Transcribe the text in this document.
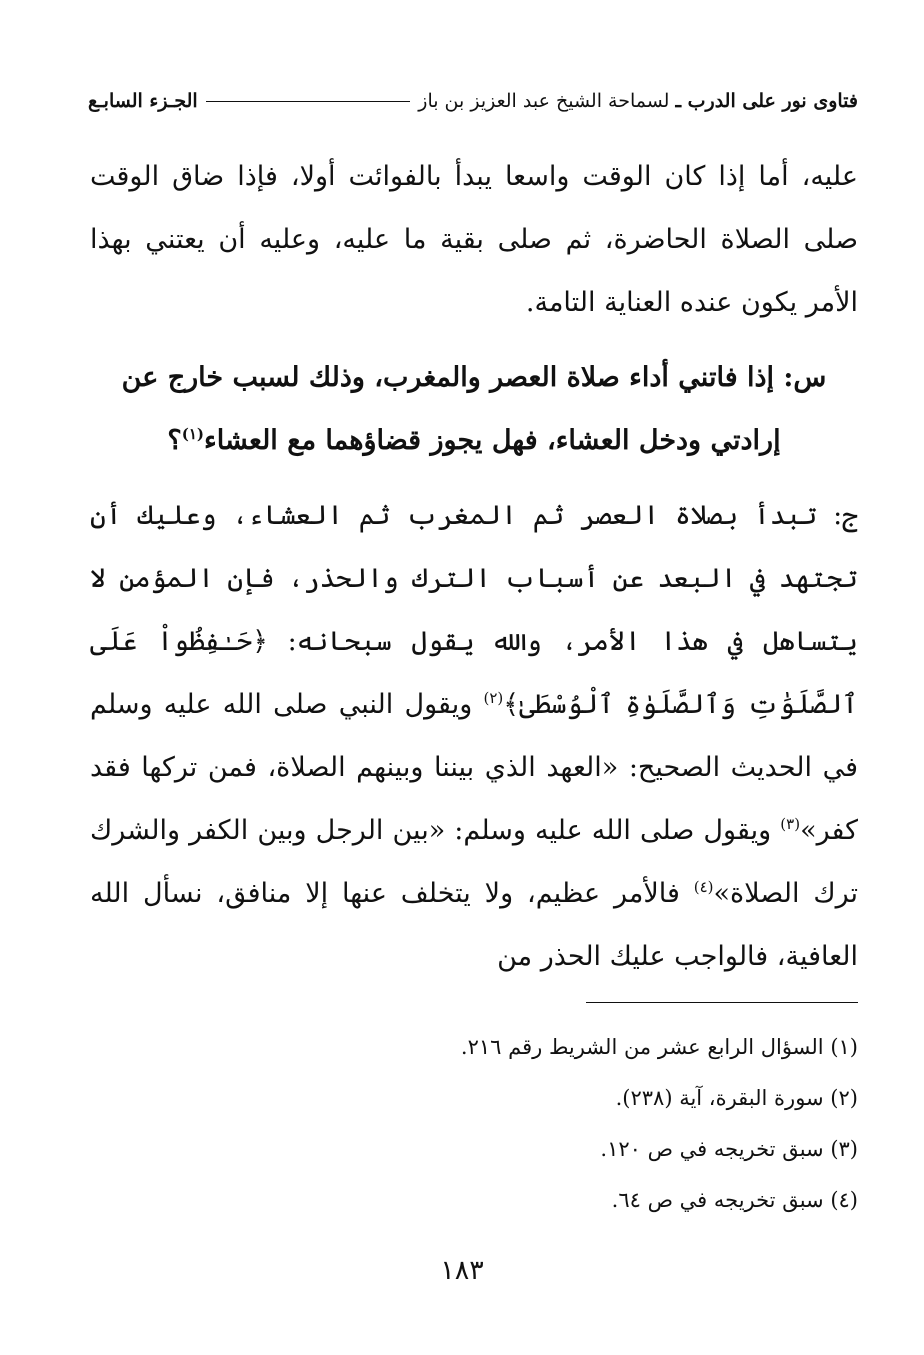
فتاوى نور على الدرب ـ
لسماحة الشيخ عبد العزيز بن باز
الجـزء السابـع

عليه، أما إذا كان الوقت واسعا يبدأ بالفوائت أولا، فإذا ضاق الوقت صلى الصلاة الحاضرة، ثم صلى بقية ما عليه، وعليه أن يعتني بهذا الأمر يكون عنده العناية التامة.

س: إذا فاتني أداء صلاة العصر والمغرب، وذلك لسبب خارج عن إرادتي ودخل العشاء، فهل يجوز قضاؤهما مع العشاء$^{(١)}$؟

ج: تبدأ بصلاة العصر ثم المغرب ثم العشاء، وعليك أن تجتهد في البعد عن أسباب الترك والحذر، فإن المؤمن لا يتساهل في هذا الأمر، والله يقول سبحانه: ﴿حَـٰفِظُواْ عَلَى ٱلصَّلَوَٰتِ وَٱلصَّلَوٰةِ ٱلْوُسْطَىٰ﴾$^{(٢)}$ ويقول النبي صلى الله عليه وسلم في الحديث الصحيح: «العهد الذي بيننا وبينهم الصلاة، فمن تركها فقد كفر»$^{(٣)}$ ويقول صلى الله عليه وسلم: «بين الرجل وبين الكفر والشرك ترك الصلاة»$^{(٤)}$ فالأمر عظيم، ولا يتخلف عنها إلا منافق، نسأل الله العافية، فالواجب عليك الحذر من

(١) السؤال الرابع عشر من الشريط رقم ٢١٦.
(٢) سورة البقرة، آية (٢٣٨).
(٣) سبق تخريجه في ص ١٢٠.
(٤) سبق تخريجه في ص ٦٤.
١٨٣
